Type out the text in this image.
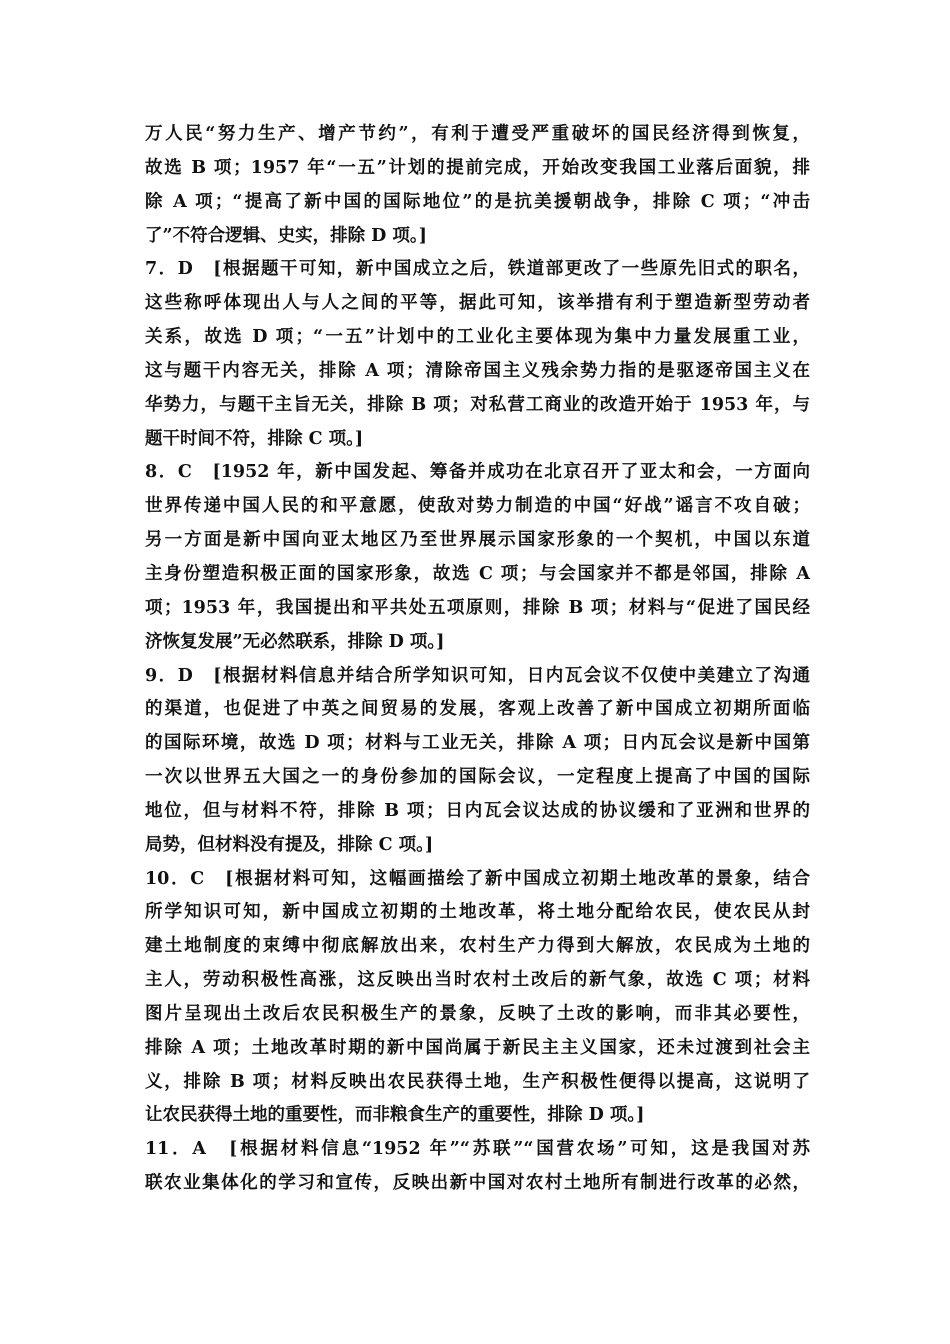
万人民“努力生产、增产节约”，有利于遭受严重破坏的国民经济得到恢复，
故选 B 项；1957 年“一五”计划的提前完成，开始改变我国工业落后面貌，排
除 A 项；“提高了新中国的国际地位”的是抗美援朝战争，排除 C 项；“冲击
了”不符合逻辑、史实，排除 D 项。]
7．D　[根据题干可知，新中国成立之后，铁道部更改了一些原先旧式的职名，
这些称呼体现出人与人之间的平等，据此可知，该举措有利于塑造新型劳动者
关系，故选 D 项；“一五”计划中的工业化主要体现为集中力量发展重工业，
这与题干内容无关，排除 A 项；清除帝国主义残余势力指的是驱逐帝国主义在
华势力，与题干主旨无关，排除 B 项；对私营工商业的改造开始于 1953 年，与
题干时间不符，排除 C 项。]
8．C　[1952 年，新中国发起、筹备并成功在北京召开了亚太和会，一方面向
世界传递中国人民的和平意愿，使敌对势力制造的中国“好战”谣言不攻自破；
另一方面是新中国向亚太地区乃至世界展示国家形象的一个契机，中国以东道
主身份塑造积极正面的国家形象，故选 C 项；与会国家并不都是邻国，排除 A
项；1953 年，我国提出和平共处五项原则，排除 B 项；材料与“促进了国民经
济恢复发展”无必然联系，排除 D 项。]
9．D　[根据材料信息并结合所学知识可知，日内瓦会议不仅使中美建立了沟通
的渠道，也促进了中英之间贸易的发展，客观上改善了新中国成立初期所面临
的国际环境，故选 D 项；材料与工业无关，排除 A 项；日内瓦会议是新中国第
一次以世界五大国之一的身份参加的国际会议，一定程度上提高了中国的国际
地位，但与材料不符，排除 B 项；日内瓦会议达成的协议缓和了亚洲和世界的
局势，但材料没有提及，排除 C 项。]
10．C　[根据材料可知，这幅画描绘了新中国成立初期土地改革的景象，结合
所学知识可知，新中国成立初期的土地改革，将土地分配给农民，使农民从封
建土地制度的束缚中彻底解放出来，农村生产力得到大解放，农民成为土地的
主人，劳动积极性高涨，这反映出当时农村土改后的新气象，故选 C 项；材料
图片呈现出土改后农民积极生产的景象，反映了土改的影响，而非其必要性，
排除 A 项；土地改革时期的新中国尚属于新民主主义国家，还未过渡到社会主
义，排除 B 项；材料反映出农民获得土地，生产积极性便得以提高，这说明了
让农民获得土地的重要性，而非粮食生产的重要性，排除 D 项。]
11．A　[根据材料信息“1952 年”“苏联”“国营农场”可知，这是我国对苏
联农业集体化的学习和宣传，反映出新中国对农村土地所有制进行改革的必然，
